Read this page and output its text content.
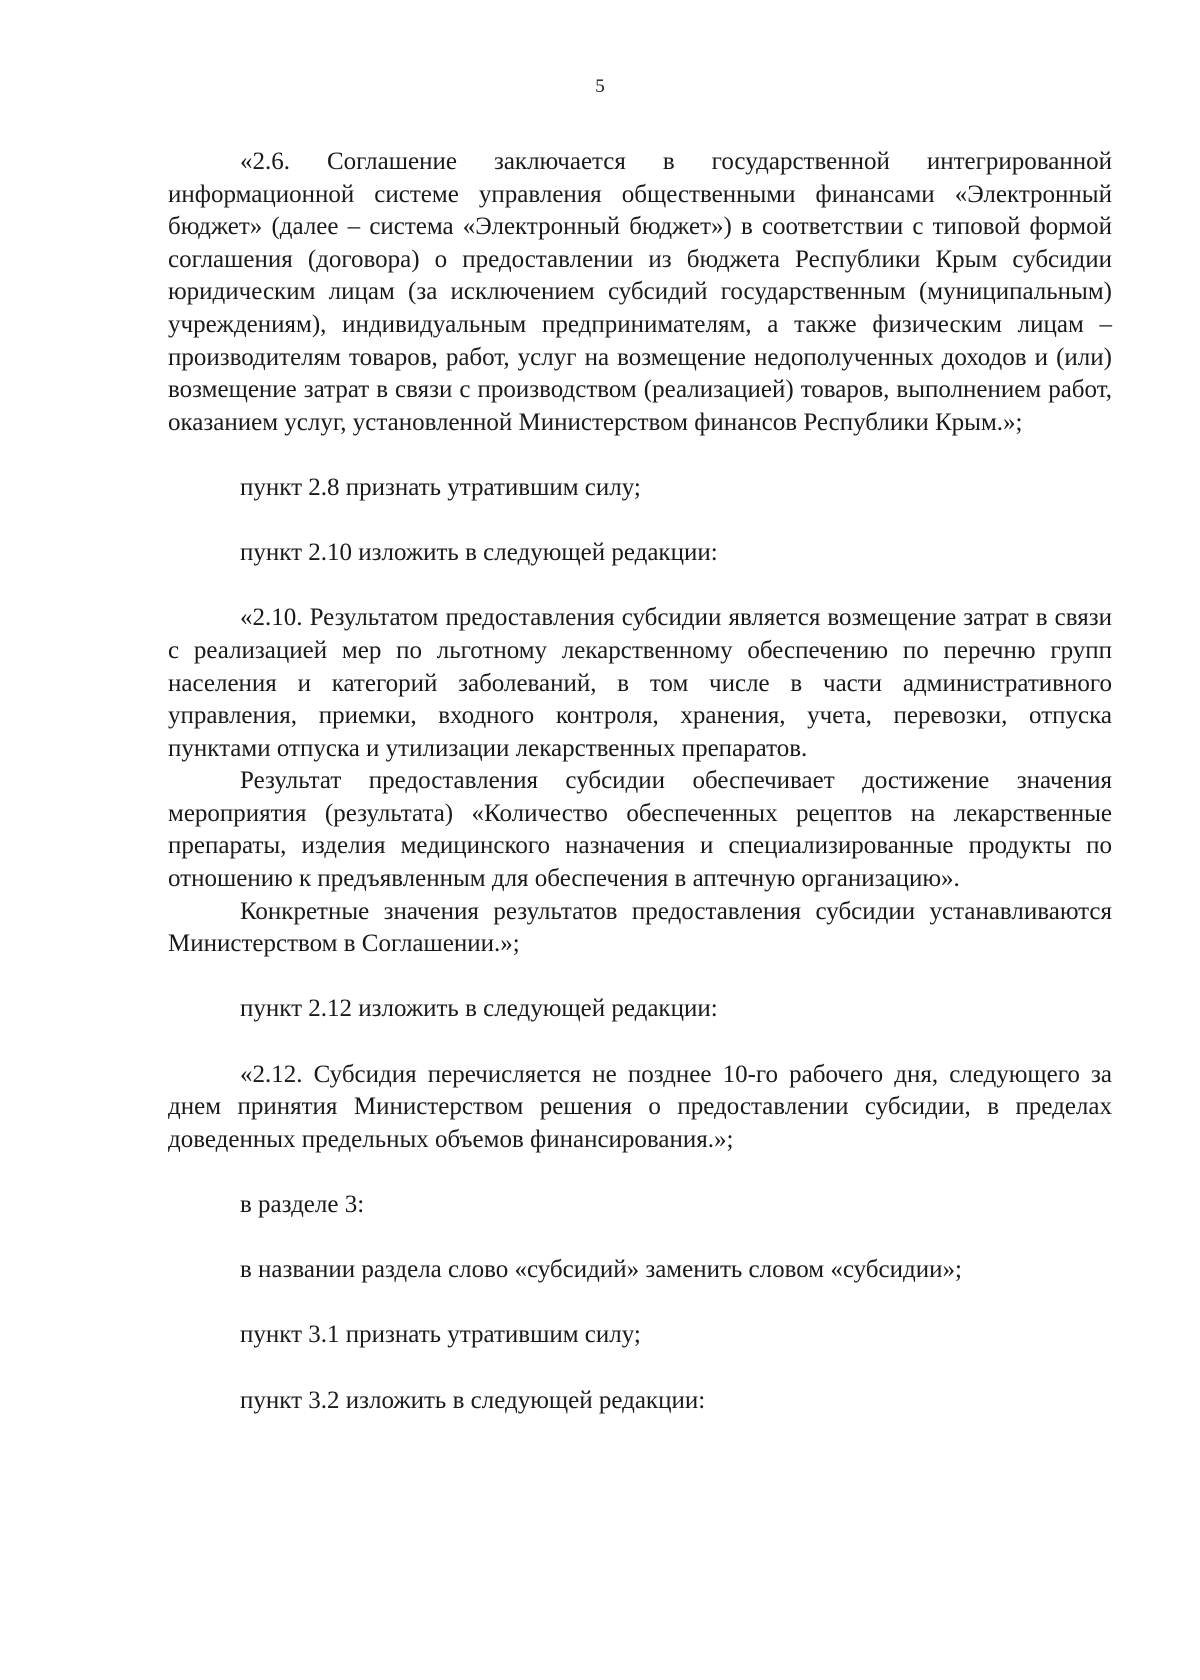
5

«2.6. Соглашение заключается в государственной интегрированной информационной системе управления общественными финансами «Электронный бюджет» (далее – система «Электронный бюджет») в соответствии с типовой формой соглашения (договора) о предоставлении из бюджета Республики Крым субсидии юридическим лицам (за исключением субсидий государственным (муниципальным) учреждениям), индивидуальным предпринимателям, а также физическим лицам – производителям товаров, работ, услуг на возмещение недополученных доходов и (или) возмещение затрат в связи с производством (реализацией) товаров, выполнением работ, оказанием услуг, установленной Министерством финансов Республики Крым.»;

пункт 2.8 признать утратившим силу;

пункт 2.10 изложить в следующей редакции:

«2.10. Результатом предоставления субсидии является возмещение затрат в связи с реализацией мер по льготному лекарственному обеспечению по перечню групп населения и категорий заболеваний, в том числе в части административного управления, приемки, входного контроля, хранения, учета, перевозки, отпуска пунктами отпуска и утилизации лекарственных препаратов.

Результат предоставления субсидии обеспечивает достижение значения мероприятия (результата) «Количество обеспеченных рецептов на лекарственные препараты, изделия медицинского назначения и специализированные продукты по отношению к предъявленным для обеспечения в аптечную организацию».

Конкретные значения результатов предоставления субсидии устанавливаются Министерством в Соглашении.»;

пункт 2.12 изложить в следующей редакции:

«2.12. Субсидия перечисляется не позднее 10-го рабочего дня, следующего за днем принятия Министерством решения о предоставлении субсидии, в пределах доведенных предельных объемов финансирования.»;

в разделе 3:

в названии раздела слово «субсидий» заменить словом «субсидии»;

пункт 3.1 признать утратившим силу;

пункт 3.2 изложить в следующей редакции:
